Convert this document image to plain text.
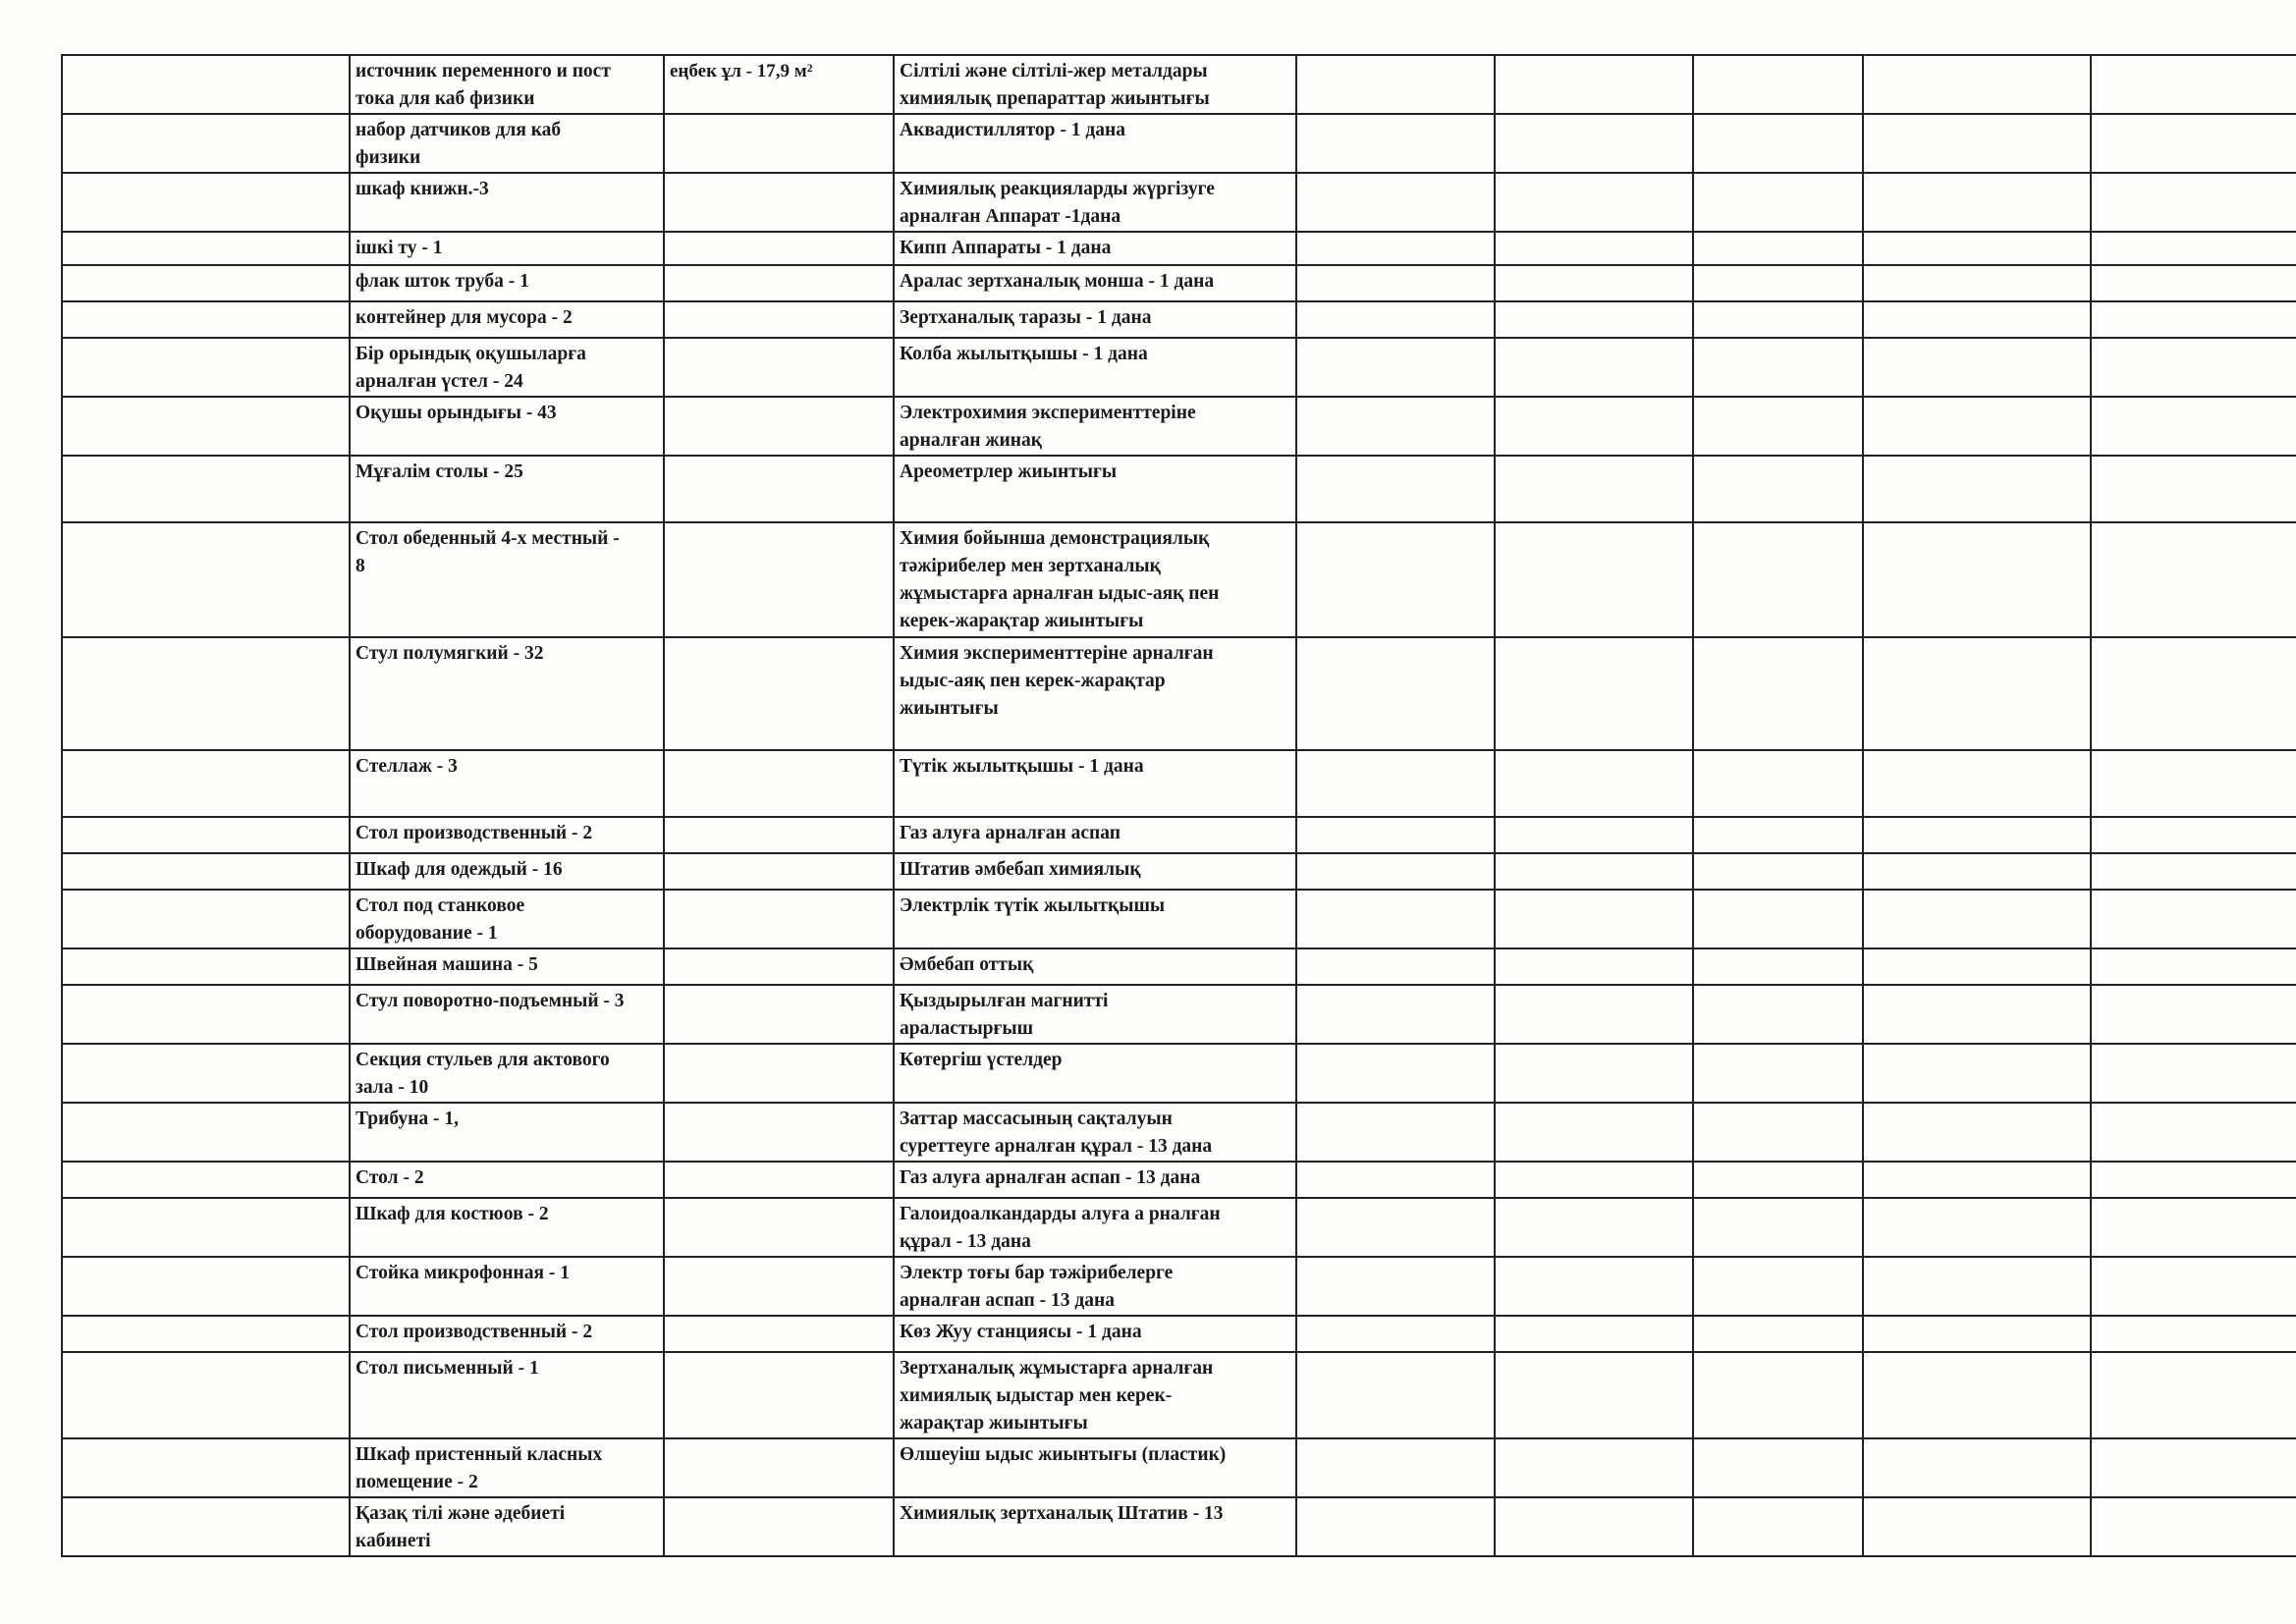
	источник переменного и пост
тока для каб физики	еңбек ұл - 17,9 м²	Сілтілі және сілтілі-жер металдары
химиялық препараттар жиынтығы					
	набор датчиков для каб
физики		Аквадистиллятор - 1 дана					
	шкаф книжн.-3		Химиялық реакцияларды жүргізуге
арналған Аппарат -1дана					
	ішкі ту - 1		Кипп Аппараты - 1 дана					
	флак шток труба - 1		Аралас зертханалық моншa - 1 дана					
	контейнер для мусора - 2		Зертханалық таразы - 1 дана					
	Бір орындық оқушыларға
арналған үстел - 24		Колба жылытқышы - 1 дана					
	Оқушы орындығы - 43		Электрохимия эксперименттеріне
арналған жинақ					
	Мұғалім столы - 25		Ареометрлер жиынтығы					
	Стол обеденный 4-х местный -
8		Химия бойынша демонстрациялық
тәжірибелер мен зертханалық
жұмыстарға арналған ыдыс-аяқ пен
керек-жарақтар жиынтығы					
	Стул полумягкий - 32		Химия эксперименттеріне арналған
ыдыс-аяқ пен керек-жарақтар
жиынтығы					
	Стеллаж - 3		Түтік жылытқышы - 1 дана					
	Стол производственный - 2		Газ алуға арналған аспап					
	Шкаф для одеждый - 16		Штатив әмбебап химиялық					
	Стол под станковое
оборудование - 1		Электрлік түтік жылытқышы					
	Швейная машина - 5		Әмбебап оттық					
	Стул поворотно-подъемный - 3		Қыздырылған магнитті
араластырғыш					
	Секция стульев для актового
зала - 10		Көтергіш үстелдер					
	Трибуна - 1,		Заттар массасының сақталуын
суреттеуге арналған құрал - 13 дана					
	Стол - 2		Газ алуға арналған аспап - 13 дана					
	Шкаф для костюов - 2		Галоидоалкандарды алуға а рналған
құрал - 13 дана					
	Стойка микрофонная - 1		Электр тоғы бар тәжірибелерге
арналған аспап - 13 дана					
	Стол производственный - 2		Көз Жуу станциясы - 1 дана					
	Стол письменный - 1		Зертханалық жұмыстарға арналған
химиялық ыдыстар мен керек-
жарақтар жиынтығы					
	Шкаф пристенный класных
помещение - 2		Өлшеуіш ыдыс жиынтығы (пластик)					
	Қазақ тілі және әдебиеті
кабинеті		Химиялық зертханалық Штатив - 13					
